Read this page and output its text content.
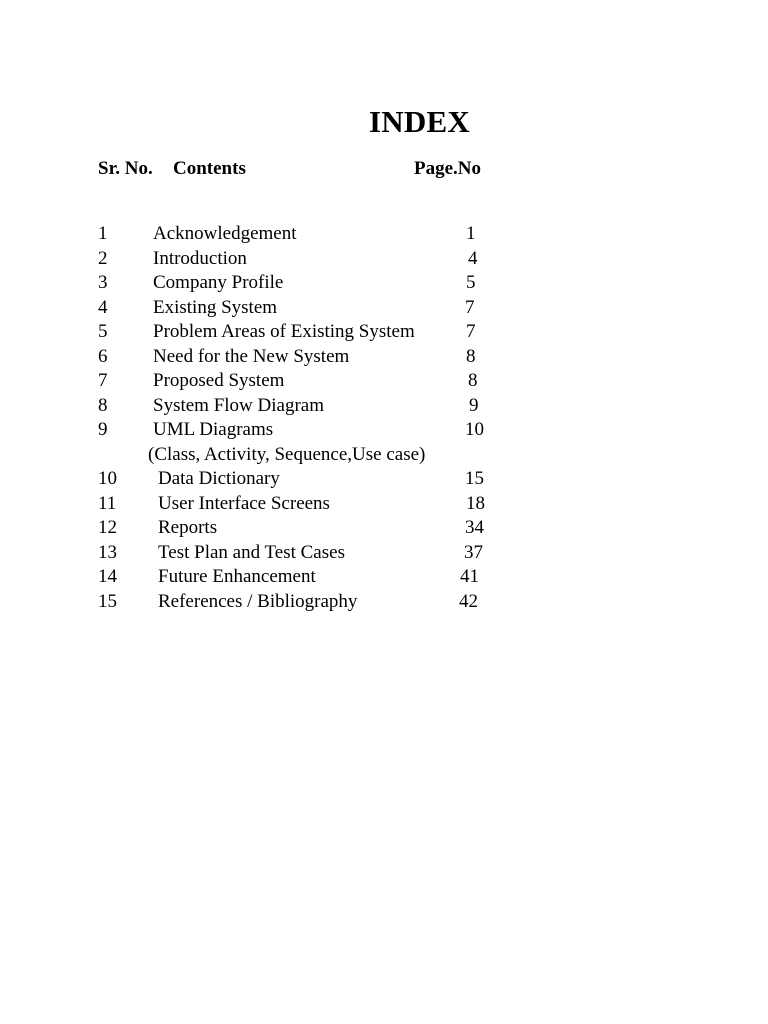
INDEX
Sr. No. Contents	Page.No
1 Acknowledgement	1
2 Introduction	4
3 Company Profile	5
4 Existing System	7
5 Problem Areas of Existing System	7
6 Need for the New System	8
7 Proposed System	8
8 System Flow Diagram	9
9 UML Diagrams	10
(Class, Activity, Sequence,Use case)
10 Data Dictionary	15
11 User Interface Screens	18
12 Reports	34
13 Test Plan and Test Cases	37
14 Future Enhancement	41
15 References / Bibliography	42
